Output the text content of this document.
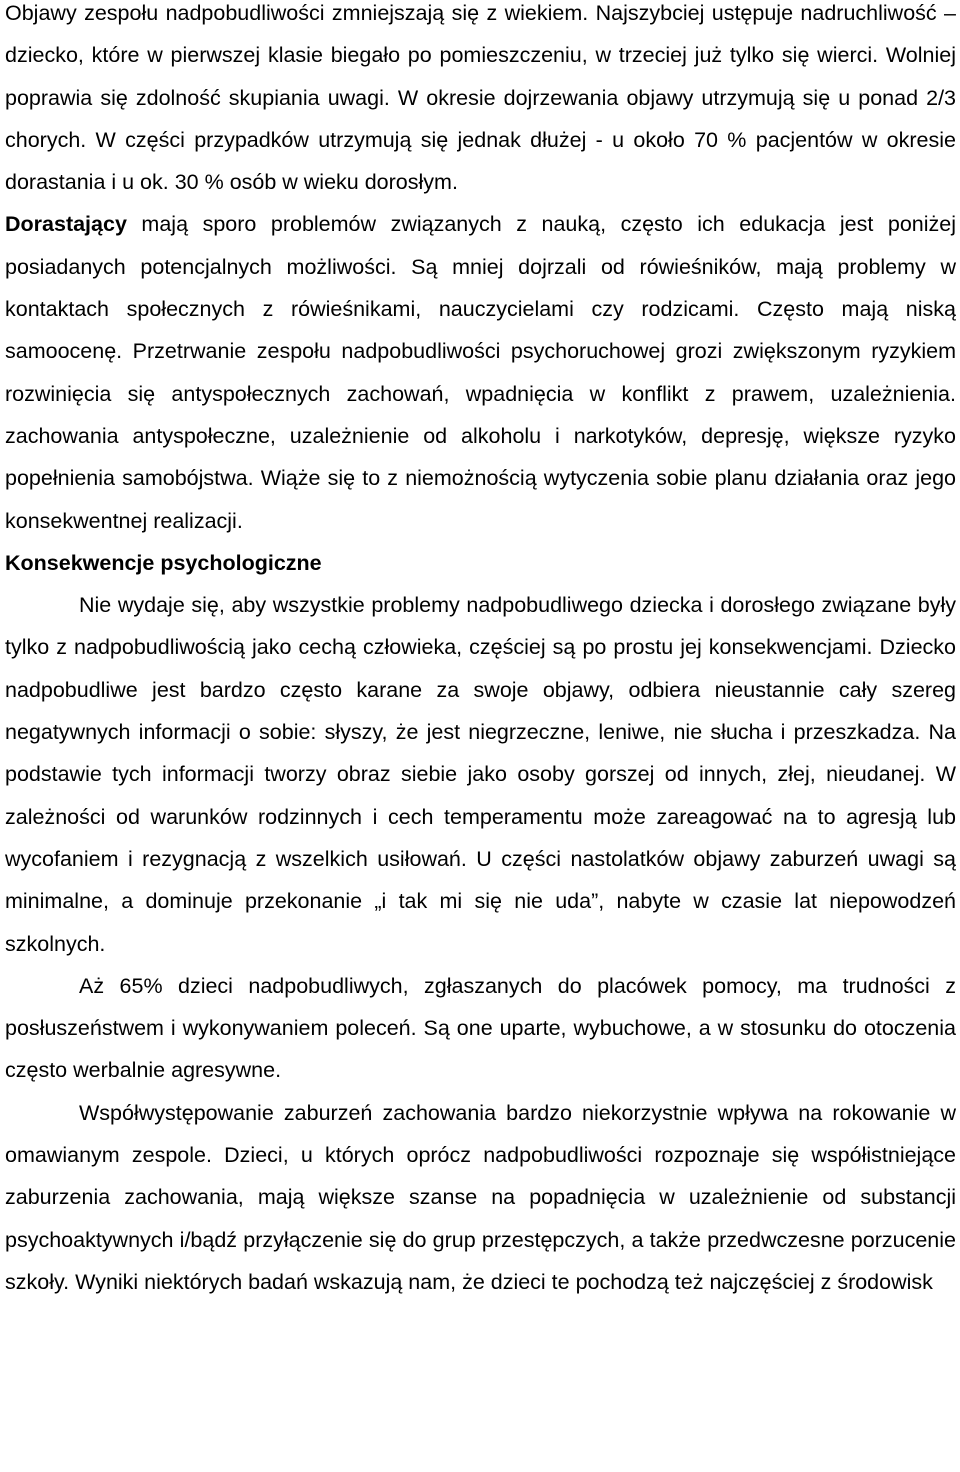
Objawy zespołu nadpobudliwości zmniejszają się z wiekiem. Najszybciej ustępuje nadruchliwość – dziecko, które w pierwszej klasie biegało po pomieszczeniu, w trzeciej już tylko się wierci. Wolniej poprawia się zdolność skupiania uwagi. W okresie dojrzewania objawy utrzymują się u ponad 2/3 chorych. W części przypadków utrzymują się jednak dłużej - u około 70 % pacjentów w okresie dorastania i u ok. 30 % osób w wieku dorosłym.

Dorastający mają sporo problemów związanych z nauką, często ich edukacja jest poniżej posiadanych potencjalnych możliwości. Są mniej dojrzali od rówieśników, mają problemy w kontaktach społecznych z rówieśnikami, nauczycielami czy rodzicami. Często mają niską samoocenę. Przetrwanie zespołu nadpobudliwości psychoruchowej grozi zwiększonym ryzykiem rozwinięcia się antyspołecznych zachowań, wpadnięcia w konflikt z prawem, uzależnienia. zachowania antyspołeczne, uzależnienie od alkoholu i narkotyków, depresję, większe ryzyko popełnienia samobójstwa. Wiąże się to z niemożnością wytyczenia sobie planu działania oraz jego konsekwentnej realizacji.

Konsekwencje psychologiczne

Nie wydaje się, aby wszystkie problemy nadpobudliwego dziecka i dorosłego związane były tylko z nadpobudliwością jako cechą człowieka, częściej są po prostu jej konsekwencjami. Dziecko nadpobudliwe jest bardzo często karane za swoje objawy, odbiera nieustannie cały szereg negatywnych informacji o sobie: słyszy, że jest niegrzeczne, leniwe, nie słucha i przeszkadza. Na podstawie tych informacji tworzy obraz siebie jako osoby gorszej od innych, złej, nieudanej. W zależności od warunków rodzinnych i cech temperamentu może zareagować na to agresją lub wycofaniem i rezygnacją z wszelkich usiłowań. U części nastolatków objawy zaburzeń uwagi są minimalne, a dominuje przekonanie „i tak mi się nie uda”, nabyte w czasie lat niepowodzeń szkolnych.

Aż 65% dzieci nadpobudliwych, zgłaszanych do placówek pomocy, ma trudności z posłuszeństwem i wykonywaniem poleceń. Są one uparte, wybuchowe, a w stosunku do otoczenia często werbalnie agresywne.

Współwystępowanie zaburzeń zachowania bardzo niekorzystnie wpływa na rokowanie w omawianym zespole. Dzieci, u których oprócz nadpobudliwości rozpoznaje się współistniejące zaburzenia zachowania, mają większe szanse na popadnięcia w uzależnienie od substancji psychoaktywnych i/bądź przyłączenie się do grup przestępczych, a także przedwczesne porzucenie szkoły. Wyniki niektórych badań wskazują nam, że dzieci te pochodzą też najczęściej z środowisk
